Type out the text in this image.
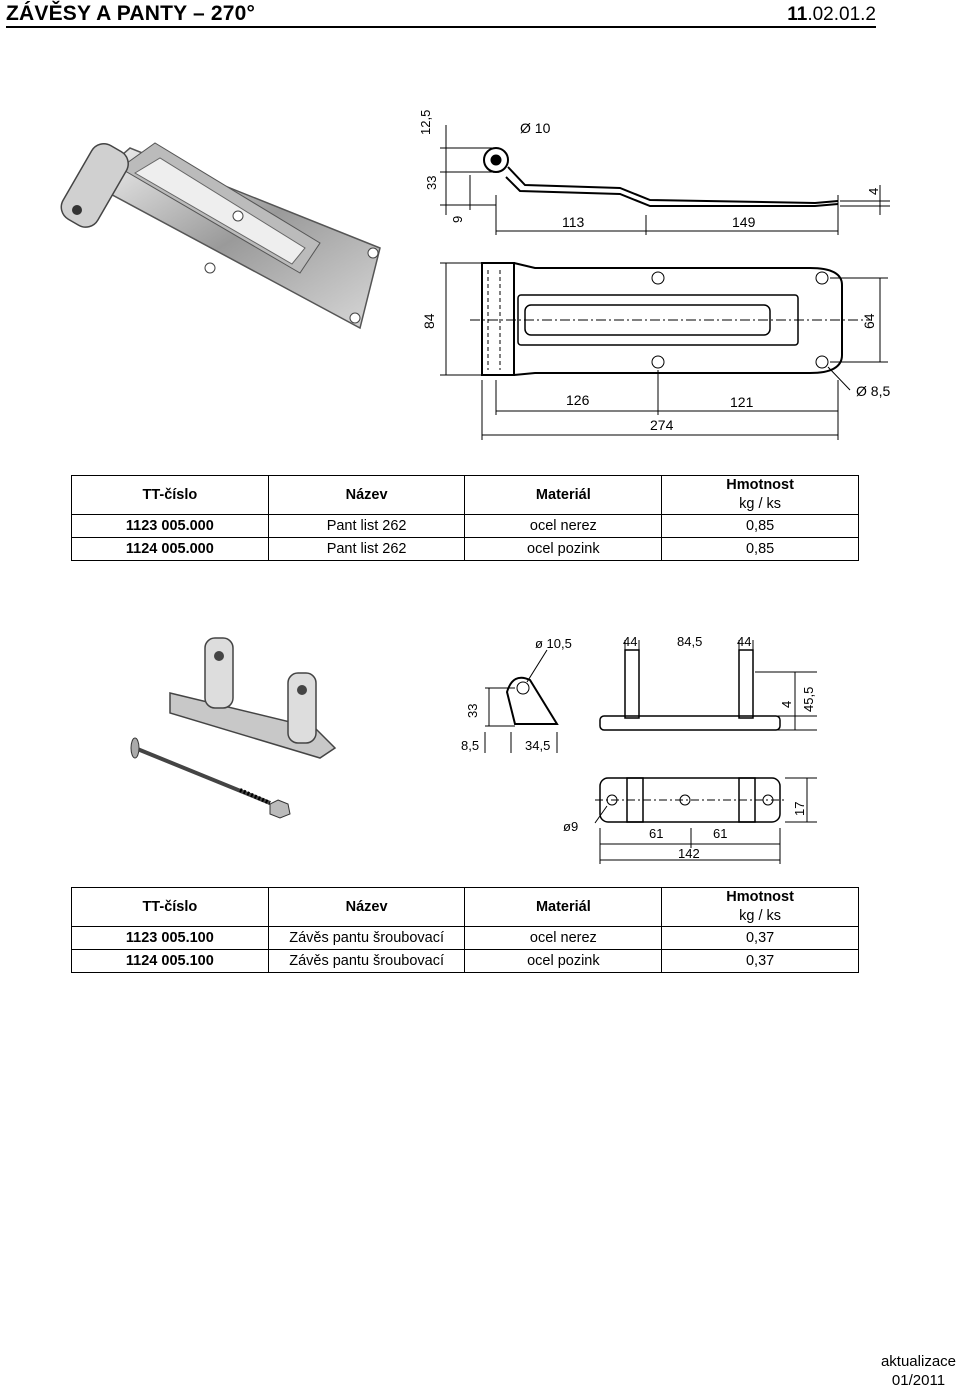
ZÁVĚSY A PANTY – 270°	11.02.01.2
12,5	Ø 10
33
9
4
113	149
84	64
Ø 8,5
126	121
274
TT-číslo	Název	Materiál	Hmotnost
kg / ks

1123 005.000	Pant list 262	ocel nerez	0,85
1124 005.000	Pant list 262	ocel pozink	0,85
ø 10,5
33
8,5	34,5
44	84,5	44
4 45,5
17
ø9	61	61
142
TT-číslo	Název	Materiál	Hmotnost
kg / ks

1123 005.100	Závěs pantu šroubovací	ocel nerez	0,37
1124 005.100	Závěs pantu šroubovací	ocel pozink	0,37
aktualizace
01/2011
